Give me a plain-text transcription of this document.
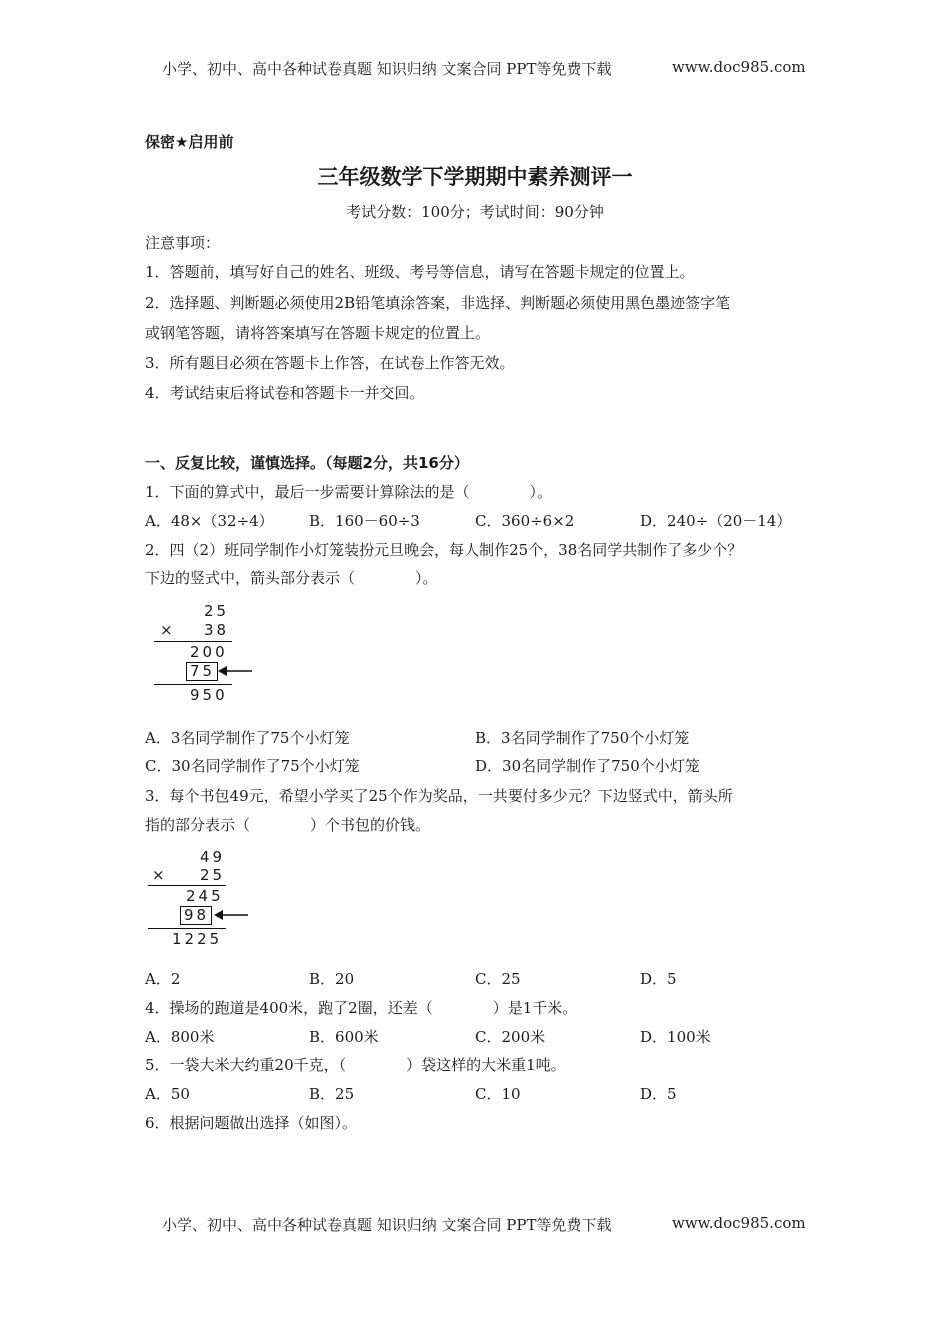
小学、初中、高中各种试卷真题 知识归纳 文案合同 PPT等免费下载	www.doc985.com
保密★启用前
三年级数学下学期期中素养测评一
考试分数：100分；考试时间：90分钟
注意事项：
1．答题前，填写好自己的姓名、班级、考号等信息，请写在答题卡规定的位置上。
2．选择题、判断题必须使用2B铅笔填涂答案，非选择、判断题必须使用黑色墨迹签字笔
或钢笔答题，请将答案填写在答题卡规定的位置上。
3．所有题目必须在答题卡上作答，在试卷上作答无效。
4．考试结束后将试卷和答题卡一并交回。
一、反复比较，谨慎选择。（每题2分，共16分）
1．下面的算式中，最后一步需要计算除法的是（　　　　）。
A．48×（32÷4） B．160－60÷3	C．360÷6×2	D．240÷（20－14）
2．四（2）班同学制作小灯笼装扮元旦晚会，每人制作25个，38名同学共制作了多少个？
下边的竖式中，箭头部分表示（　　　　）。
25
× 38
200
75
950
A．3名同学制作了75个小灯笼	B．3名同学制作了750个小灯笼
C．30名同学制作了75个小灯笼	D．30名同学制作了750个小灯笼
3．每个书包49元，希望小学买了25个作为奖品，一共要付多少元？下边竖式中，箭头所
指的部分表示（　　　　）个书包的价钱。
49
× 25
245
98
1225
A．2	B．20	C．25	D．5
4．操场的跑道是400米，跑了2圈，还差（　　　　）是1千米。
A．800米	B．600米	C．200米	D．100米
5．一袋大米大约重20千克，（　　　　）袋这样的大米重1吨。
A．50	B．25	C．10	D．5
6．根据问题做出选择（如图）。
小学、初中、高中各种试卷真题 知识归纳 文案合同 PPT等免费下载	www.doc985.com
